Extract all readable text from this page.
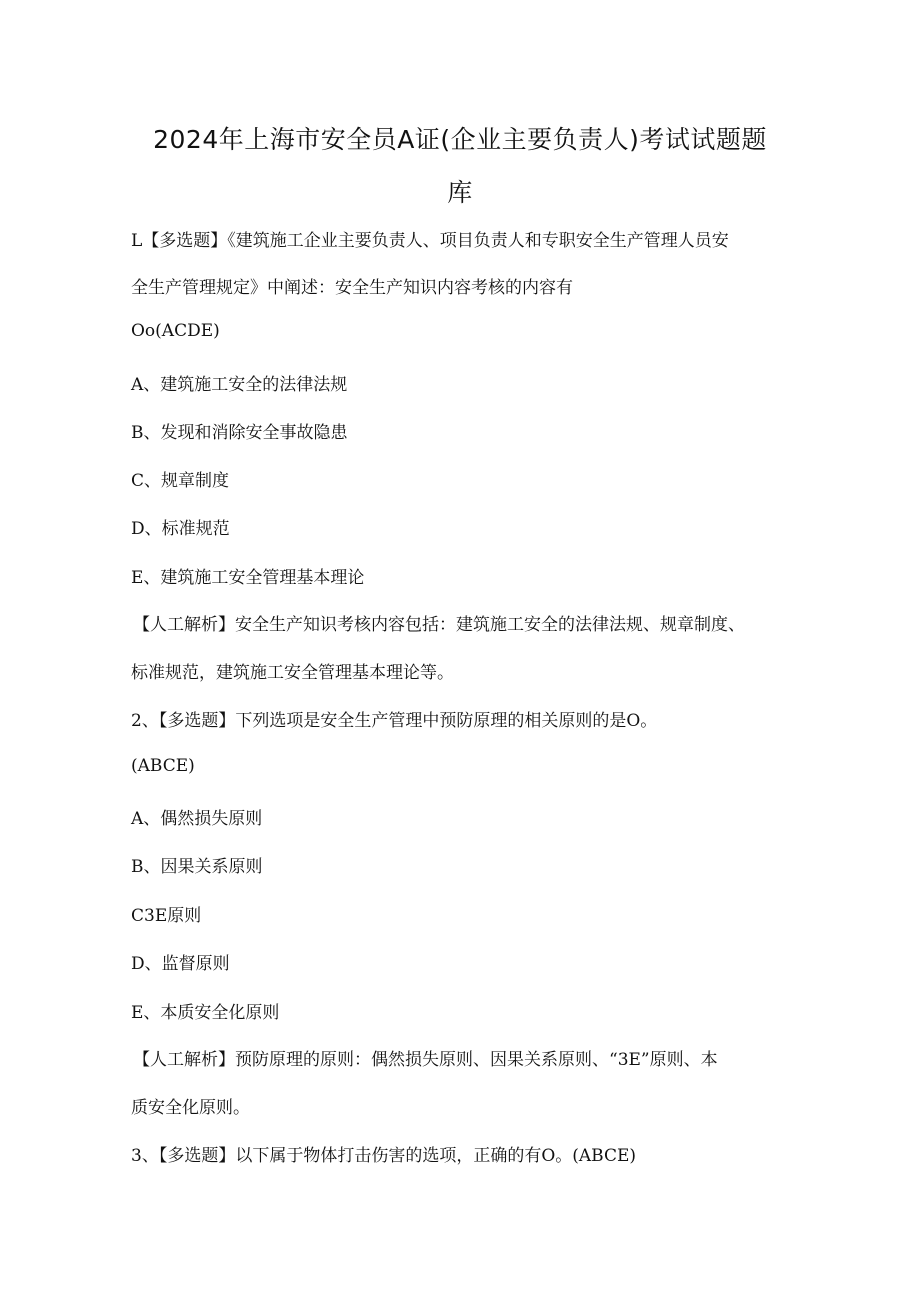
2024年上海市安全员A证(企业主要负责人)考试试题题
库
L【多选题】《建筑施工企业主要负责人、项目负责人和专职安全生产管理人员安
全生产管理规定》中阐述：安全生产知识内容考核的内容有
Oo(ACDE)
A、建筑施工安全的法律法规
B、发现和消除安全事故隐患
C、规章制度
D、标准规范
E、建筑施工安全管理基本理论
【人工解析】安全生产知识考核内容包括：建筑施工安全的法律法规、规章制度、
标准规范，建筑施工安全管理基本理论等。
2、【多选题】下列选项是安全生产管理中预防原理的相关原则的是O。
(ABCE)
A、偶然损失原则
B、因果关系原则
C3E原则
D、监督原则
E、本质安全化原则
【人工解析】预防原理的原则：偶然损失原则、因果关系原则、“3E”原则、本
质安全化原则。
3、【多选题】以下属于物体打击伤害的选项，正确的有O。(ABCE)
